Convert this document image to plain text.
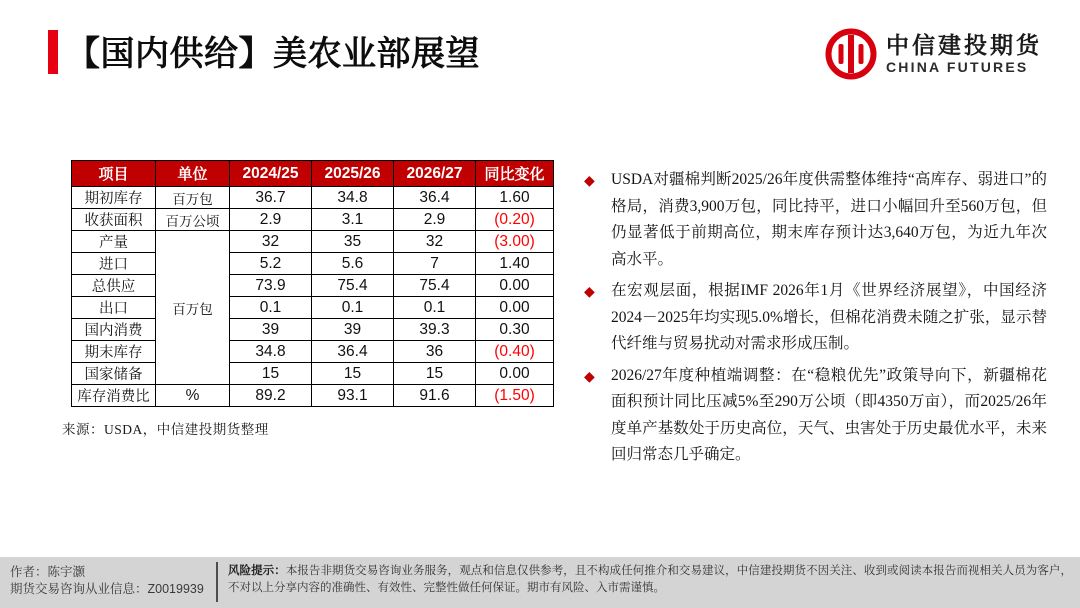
【国内供给】美农业部展望	中信建投期货
CHINA FUTURES
项目	单位	2024/25	2025/26	2026/27	同比变化
期初库存	百万包	36.7	34.8	36.4	1.60
收获面积	百万公顷	2.9	3.1	2.9	(0.20)
产量	百万包	32	35	32	(3.00)
进口		5.2	5.6	7	1.40
总供应		73.9	75.4	75.4	0.00
出口		0.1	0.1	0.1	0.00
国内消费		39	39	39.3	0.30
期末库存		34.8	36.4	36	(0.40)
国家储备		15	15	15	0.00
库存消费比	%	89.2	93.1	91.6	(1.50)
来源：USDA，中信建投期货整理
◆ USDA对疆棉判断2025/26年度供需整体维持“高库存、弱进口”的格局，消费3,900万包，同比持平，进口小幅回升至560万包，但仍显著低于前期高位，期末库存预计达3,640万包，为近九年次高水平。
◆ 在宏观层面，根据IMF 2026年1月《世界经济展望》，中国经济2024－2025年均实现5.0%增长，但棉花消费未随之扩张，显示替代纤维与贸易扰动对需求形成压制。
◆ 2026/27年度种植端调整：在“稳粮优先”政策导向下，新疆棉花面积预计同比压减5%至290万公顷（即4350万亩），而2025/26年度单产基数处于历史高位，天气、虫害处于历史最优水平，未来回归常态几乎确定。
作者：陈宇灏
期货交易咨询从业信息：Z0019939
风险提示：本报告非期货交易咨询业务服务，观点和信息仅供参考，且不构成任何推介和交易建议，中信建投期货不因关注、收到或阅读本报告而视相关人员为客户，不对以上分享内容的准确性、有效性、完整性做任何保证。期市有风险、入市需谨慎。
